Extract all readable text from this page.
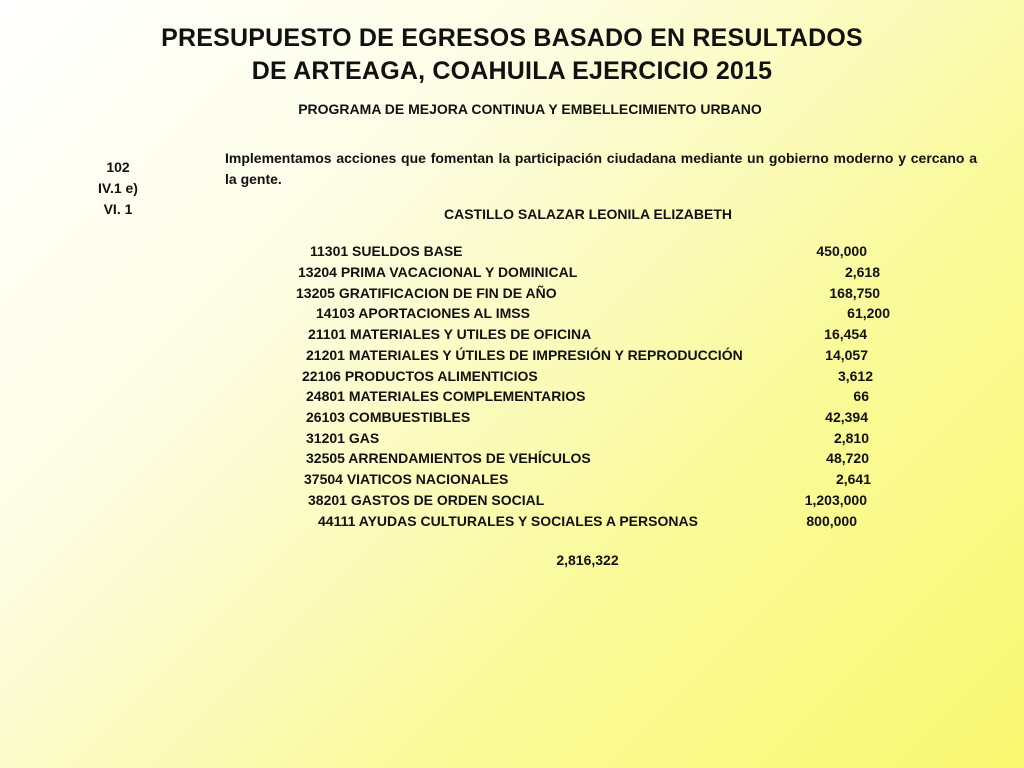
PRESUPUESTO DE EGRESOS BASADO EN RESULTADOS
DE ARTEAGA, COAHUILA EJERCICIO 2015
PROGRAMA DE MEJORA CONTINUA Y EMBELLECIMIENTO URBANO
102
IV.1 e)
VI. 1
Implementamos acciones que fomentan la participación ciudadana mediante un gobierno moderno y cercano a la gente.
CASTILLO SALAZAR LEONILA ELIZABETH
11301 SUELDOS BASE	450,000
13204 PRIMA VACACIONAL Y DOMINICAL	2,618
13205 GRATIFICACION DE FIN DE AÑO	168,750
14103 APORTACIONES AL IMSS	61,200
21101 MATERIALES Y UTILES DE OFICINA	16,454
21201 MATERIALES Y ÚTILES DE IMPRESIÓN Y REPRODUCCIÓN	14,057
22106 PRODUCTOS ALIMENTICIOS	3,612
24801 MATERIALES COMPLEMENTARIOS	66
26103 COMBUESTIBLES	42,394
31201 GAS	2,810
32505 ARRENDAMIENTOS DE VEHÍCULOS	48,720
37504 VIATICOS NACIONALES	2,641
38201 GASTOS DE ORDEN SOCIAL	1,203,000
44111 AYUDAS CULTURALES Y SOCIALES A PERSONAS	800,000
2,816,322
